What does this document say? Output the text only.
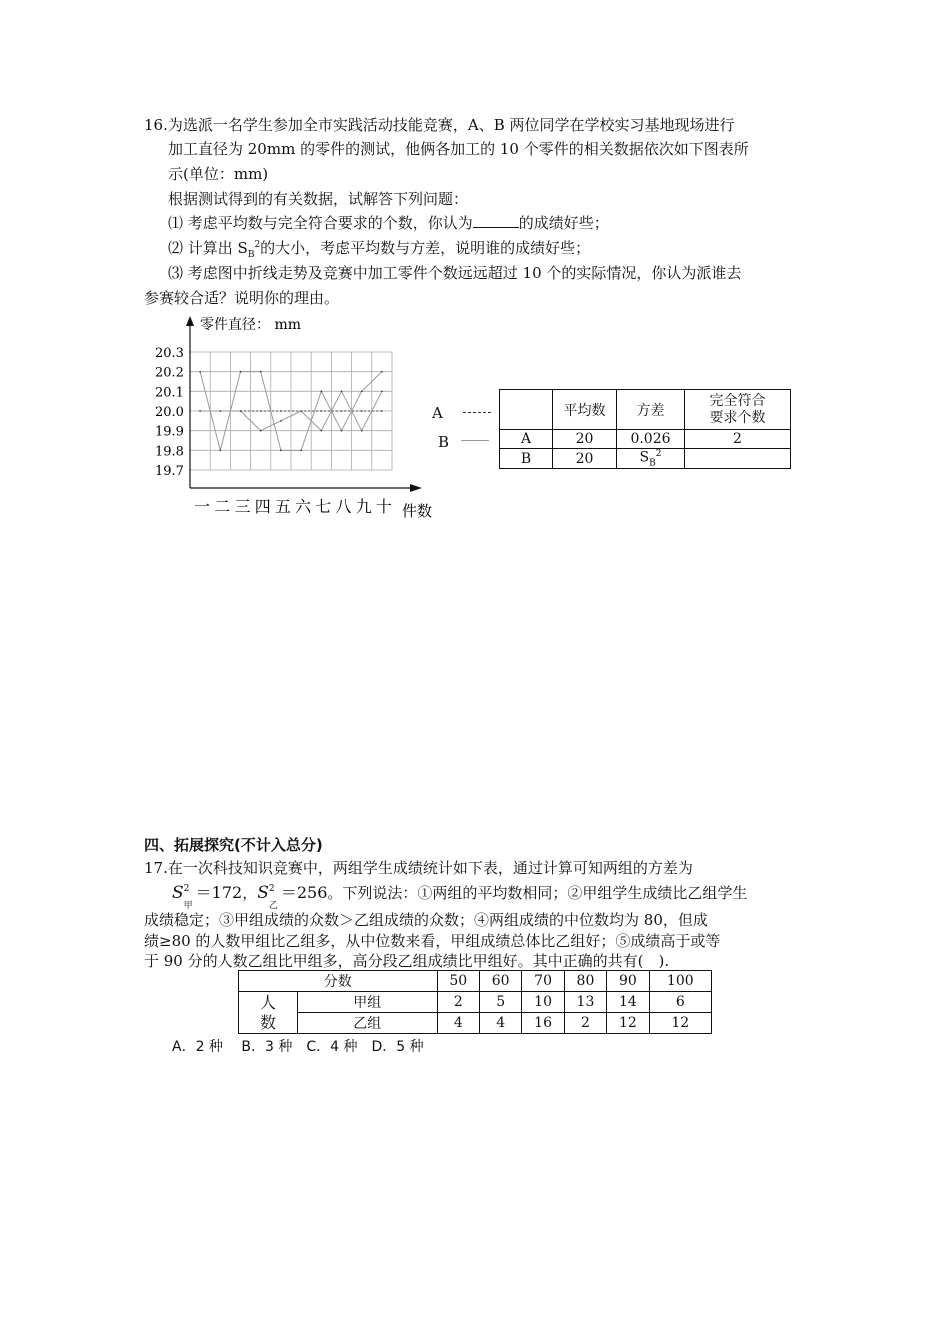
16.为选派一名学生参加全市实践活动技能竞赛，A、B 两位同学在学校实习基地现场进行
加工直径为 20mm 的零件的测试，他俩各加工的 10 个零件的相关数据依次如下图表所
示(单位：mm)
根据测试得到的有关数据，试解答下列问题：
⑴ 考虑平均数与完全符合要求的个数，你认为	的成绩好些；
⑵ 计算出 $S_B^2$的大小，考虑平均数与方差，说明谁的成绩好些；
⑶ 考虑图中折线走势及竞赛中加工零件个数远远超过 10 个的实际情况，你认为派谁去
参赛较合适？说明你的理由。
零件直径： mm
20.3
20.2
20.1
20.0
19.9
19.8
19.7
一 二 三 四 五 六 七 八 九 十 件数
A
B
	平均数	方差	完全符合
要求个数

A	20	0.026	2
B	20	$S_B^2$	
四、拓展探究(不计入总分)
17.在一次科技知识竞赛中，两组学生成绩统计如下表，通过计算可知两组的方差为
S 2
甲
＝172，S 2
乙
＝256。下列说法：①两组的平均数相同；②甲组学生成绩比乙组学生
成绩稳定；③甲组成绩的众数＞乙组成绩的众数；④两组成绩的中位数均为 80，但成
绩≥80 的人数甲组比乙组多，从中位数来看，甲组成绩总体比乙组好；⑤成绩高于或等
于 90 分的人数乙组比甲组多，高分段乙组成绩比甲组好。其中正确的共有(　).
分数		50	60	70	80	90	100

人
数	甲组	2	5	10	13	14	6
	乙组	4	4	16	2	12	12
A．2 种　 B．3 种　C．4 种　D．5 种
